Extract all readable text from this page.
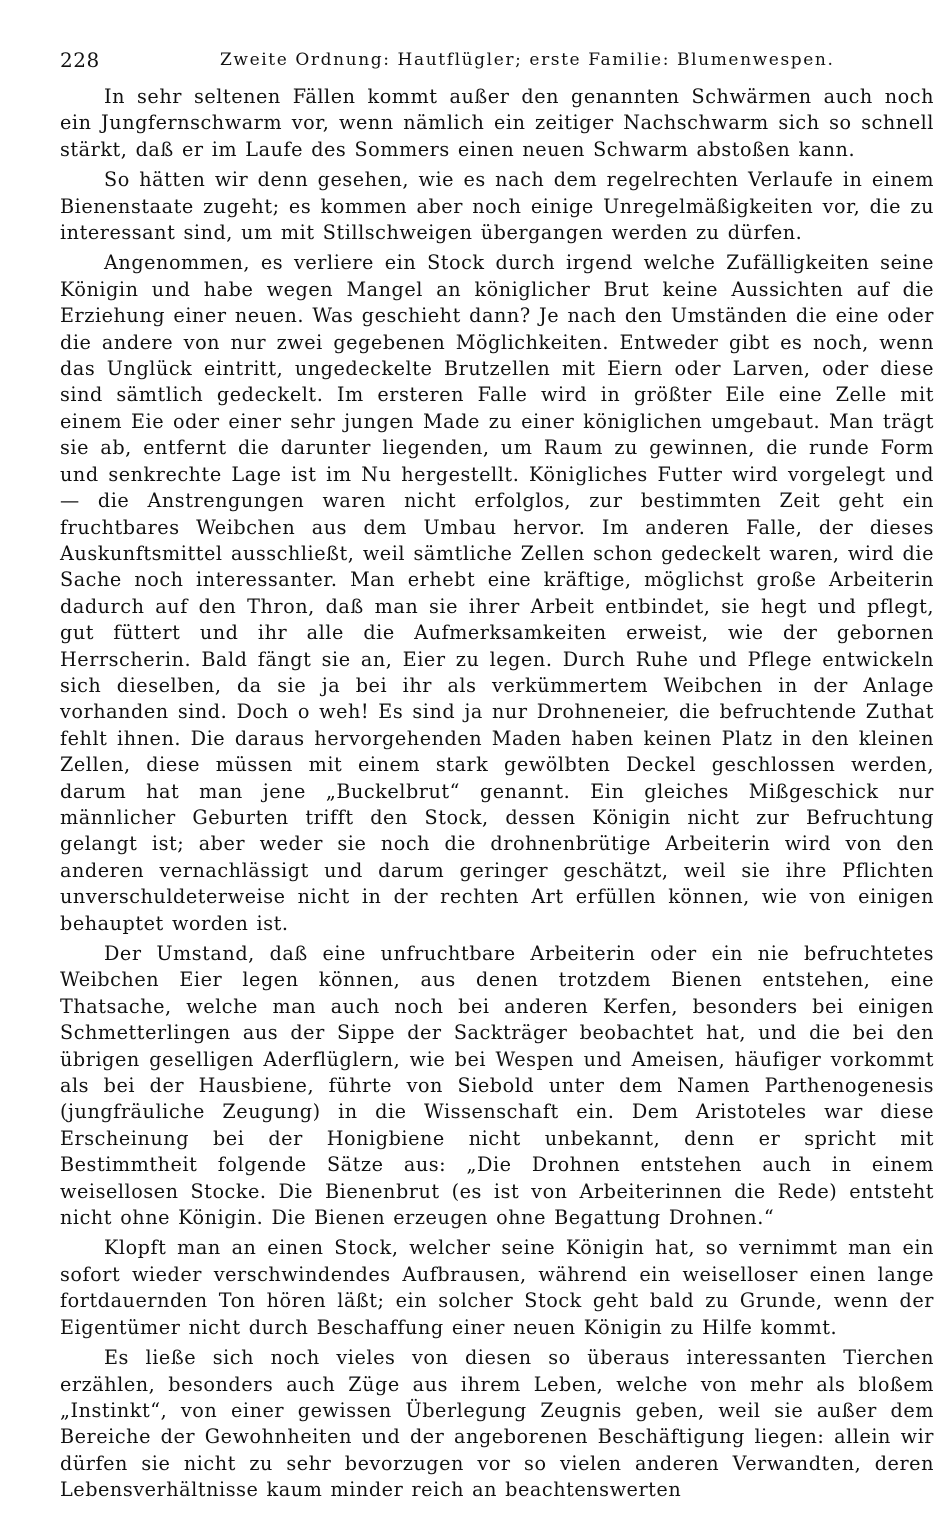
228	Zweite Ordnung: Hautflügler; erste Familie: Blumenwespen.

In sehr seltenen Fällen kommt außer den genannten Schwärmen auch noch ein Jungfernschwarm vor, wenn nämlich ein zeitiger Nachschwarm sich so schnell stärkt, daß er im Laufe des Sommers einen neuen Schwarm abstoßen kann.

So hätten wir denn gesehen, wie es nach dem regelrechten Verlaufe in einem Bienenstaate zugeht; es kommen aber noch einige Unregelmäßigkeiten vor, die zu interessant sind, um mit Stillschweigen übergangen werden zu dürfen.

Angenommen, es verliere ein Stock durch irgend welche Zufälligkeiten seine Königin und habe wegen Mangel an königlicher Brut keine Aussichten auf die Erziehung einer neuen. Was geschieht dann? Je nach den Umständen die eine oder die andere von nur zwei gegebenen Möglichkeiten. Entweder gibt es noch, wenn das Unglück eintritt, ungedeckelte Brutzellen mit Eiern oder Larven, oder diese sind sämtlich gedeckelt. Im ersteren Falle wird in größter Eile eine Zelle mit einem Eie oder einer sehr jungen Made zu einer königlichen umgebaut. Man trägt sie ab, entfernt die darunter liegenden, um Raum zu gewinnen, die runde Form und senkrechte Lage ist im Nu hergestellt. Königliches Futter wird vorgelegt und — die Anstrengungen waren nicht erfolglos, zur bestimmten Zeit geht ein fruchtbares Weibchen aus dem Umbau hervor. Im anderen Falle, der dieses Auskunftsmittel ausschließt, weil sämtliche Zellen schon gedeckelt waren, wird die Sache noch interessanter. Man erhebt eine kräftige, möglichst große Arbeiterin dadurch auf den Thron, daß man sie ihrer Arbeit entbindet, sie hegt und pflegt, gut füttert und ihr alle die Aufmerksamkeiten erweist, wie der gebornen Herrscherin. Bald fängt sie an, Eier zu legen. Durch Ruhe und Pflege entwickeln sich dieselben, da sie ja bei ihr als verkümmertem Weibchen in der Anlage vorhanden sind. Doch o weh! Es sind ja nur Drohneneier, die befruchtende Zuthat fehlt ihnen. Die daraus hervorgehenden Maden haben keinen Platz in den kleinen Zellen, diese müssen mit einem stark gewölbten Deckel geschlossen werden, darum hat man jene „Buckelbrut“ genannt. Ein gleiches Mißgeschick nur männlicher Geburten trifft den Stock, dessen Königin nicht zur Befruchtung gelangt ist; aber weder sie noch die drohnenbrütige Arbeiterin wird von den anderen vernachlässigt und darum geringer geschätzt, weil sie ihre Pflichten unverschuldeterweise nicht in der rechten Art erfüllen können, wie von einigen behauptet worden ist.

Der Umstand, daß eine unfruchtbare Arbeiterin oder ein nie befruchtetes Weibchen Eier legen können, aus denen trotzdem Bienen entstehen, eine Thatsache, welche man auch noch bei anderen Kerfen, besonders bei einigen Schmetterlingen aus der Sippe der Sackträger beobachtet hat, und die bei den übrigen geselligen Aderflüglern, wie bei Wespen und Ameisen, häufiger vorkommt als bei der Hausbiene, führte von Siebold unter dem Namen Parthenogenesis (jungfräuliche Zeugung) in die Wissenschaft ein. Dem Aristoteles war diese Erscheinung bei der Honigbiene nicht unbekannt, denn er spricht mit Bestimmtheit folgende Sätze aus: „Die Drohnen entstehen auch in einem weisellosen Stocke. Die Bienenbrut (es ist von Arbeiterinnen die Rede) entsteht nicht ohne Königin. Die Bienen erzeugen ohne Begattung Drohnen.“

Klopft man an einen Stock, welcher seine Königin hat, so vernimmt man ein sofort wieder verschwindendes Aufbrausen, während ein weiselloser einen lange fortdauernden Ton hören läßt; ein solcher Stock geht bald zu Grunde, wenn der Eigentümer nicht durch Beschaffung einer neuen Königin zu Hilfe kommt.

Es ließe sich noch vieles von diesen so überaus interessanten Tierchen erzählen, besonders auch Züge aus ihrem Leben, welche von mehr als bloßem „Instinkt“, von einer gewissen Überlegung Zeugnis geben, weil sie außer dem Bereiche der Gewohnheiten und der angeborenen Beschäftigung liegen: allein wir dürfen sie nicht zu sehr bevorzugen vor so vielen anderen Verwandten, deren Lebensverhältnisse kaum minder reich an beachtenswerten
